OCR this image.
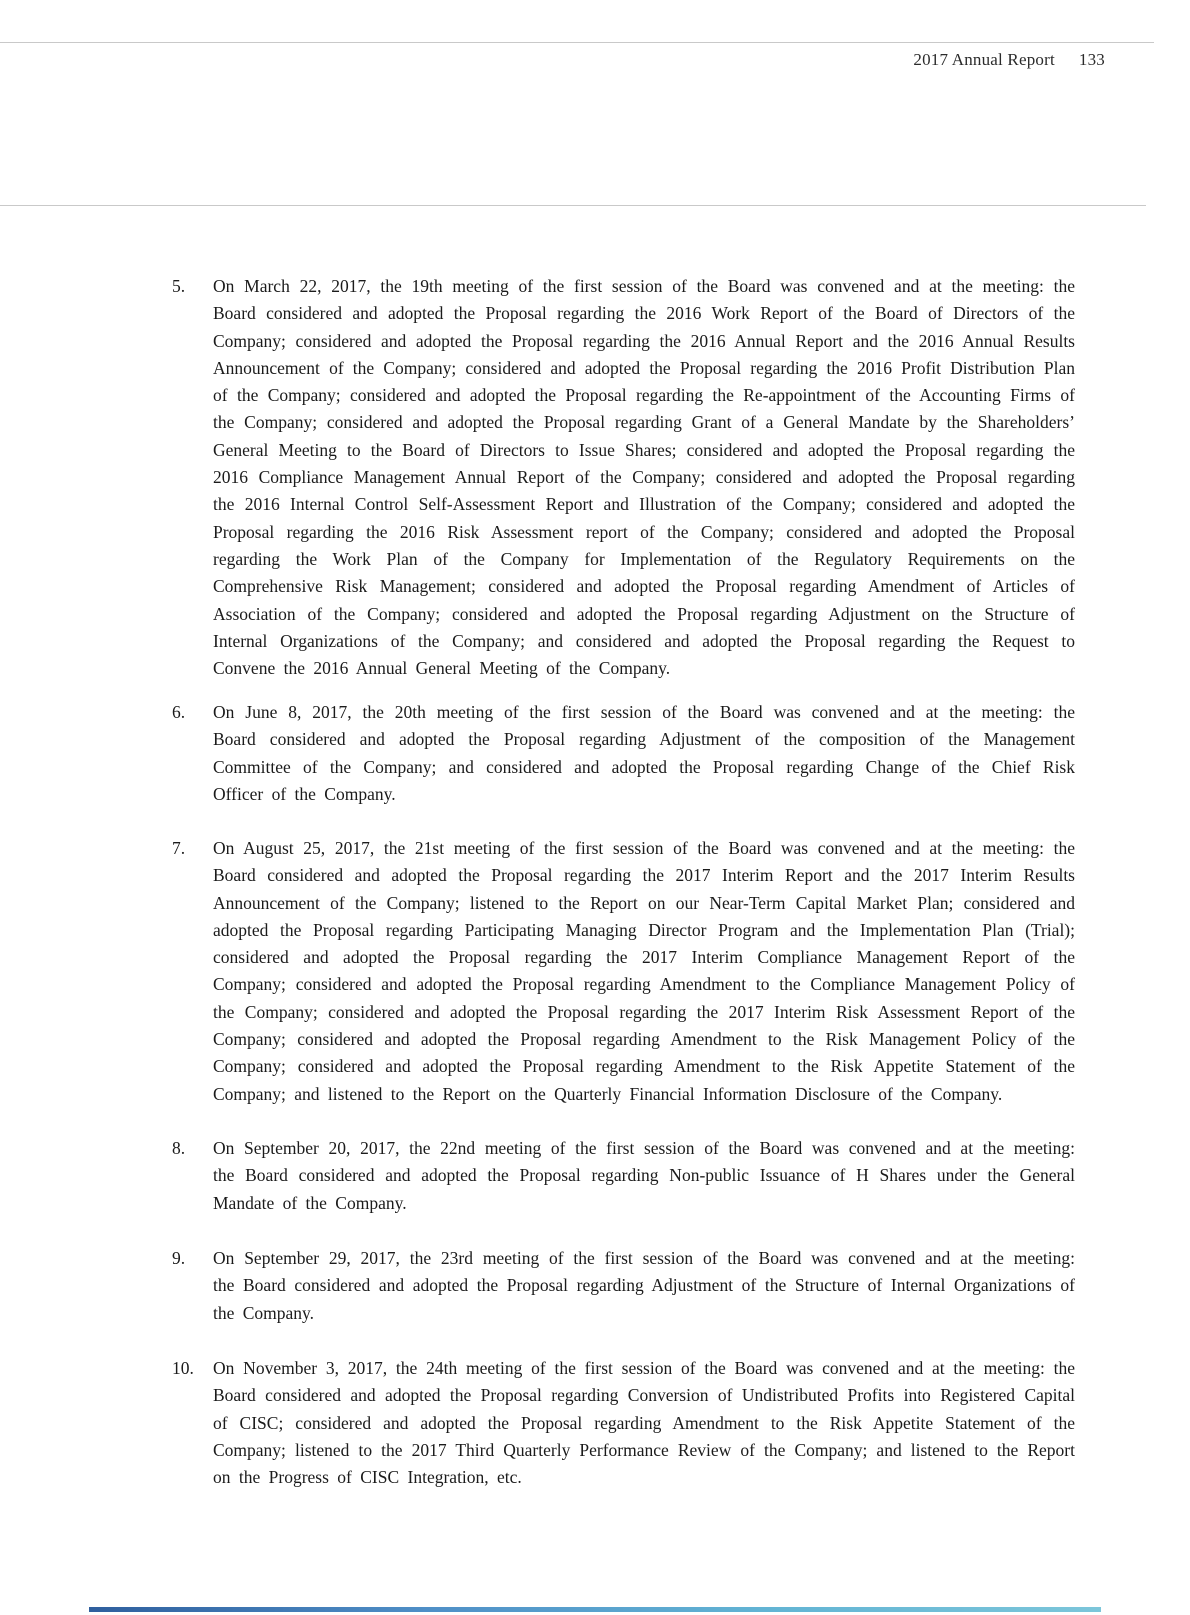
2017 Annual Report 133
5. On March 22, 2017, the 19th meeting of the first session of the Board was convened and at the meeting: the Board considered and adopted the Proposal regarding the 2016 Work Report of the Board of Directors of the Company; considered and adopted the Proposal regarding the 2016 Annual Report and the 2016 Annual Results Announcement of the Company; considered and adopted the Proposal regarding the 2016 Profit Distribution Plan of the Company; considered and adopted the Proposal regarding the Re-appointment of the Accounting Firms of the Company; considered and adopted the Proposal regarding Grant of a General Mandate by the Shareholders’ General Meeting to the Board of Directors to Issue Shares; considered and adopted the Proposal regarding the 2016 Compliance Management Annual Report of the Company; considered and adopted the Proposal regarding the 2016 Internal Control Self-Assessment Report and Illustration of the Company; considered and adopted the Proposal regarding the 2016 Risk Assessment report of the Company; considered and adopted the Proposal regarding the Work Plan of the Company for Implementation of the Regulatory Requirements on the Comprehensive Risk Management; considered and adopted the Proposal regarding Amendment of Articles of Association of the Company; considered and adopted the Proposal regarding Adjustment on the Structure of Internal Organizations of the Company; and considered and adopted the Proposal regarding the Request to Convene the 2016 Annual General Meeting of the Company.
6. On June 8, 2017, the 20th meeting of the first session of the Board was convened and at the meeting: the Board considered and adopted the Proposal regarding Adjustment of the composition of the Management Committee of the Company; and considered and adopted the Proposal regarding Change of the Chief Risk Officer of the Company.
7. On August 25, 2017, the 21st meeting of the first session of the Board was convened and at the meeting: the Board considered and adopted the Proposal regarding the 2017 Interim Report and the 2017 Interim Results Announcement of the Company; listened to the Report on our Near-Term Capital Market Plan; considered and adopted the Proposal regarding Participating Managing Director Program and the Implementation Plan (Trial); considered and adopted the Proposal regarding the 2017 Interim Compliance Management Report of the Company; considered and adopted the Proposal regarding Amendment to the Compliance Management Policy of the Company; considered and adopted the Proposal regarding the 2017 Interim Risk Assessment Report of the Company; considered and adopted the Proposal regarding Amendment to the Risk Management Policy of the Company; considered and adopted the Proposal regarding Amendment to the Risk Appetite Statement of the Company; and listened to the Report on the Quarterly Financial Information Disclosure of the Company.
8. On September 20, 2017, the 22nd meeting of the first session of the Board was convened and at the meeting: the Board considered and adopted the Proposal regarding Non-public Issuance of H Shares under the General Mandate of the Company.
9. On September 29, 2017, the 23rd meeting of the first session of the Board was convened and at the meeting: the Board considered and adopted the Proposal regarding Adjustment of the Structure of Internal Organizations of the Company.
10. On November 3, 2017, the 24th meeting of the first session of the Board was convened and at the meeting: the Board considered and adopted the Proposal regarding Conversion of Undistributed Profits into Registered Capital of CISC; considered and adopted the Proposal regarding Amendment to the Risk Appetite Statement of the Company; listened to the 2017 Third Quarterly Performance Review of the Company; and listened to the Report on the Progress of CISC Integration, etc.
